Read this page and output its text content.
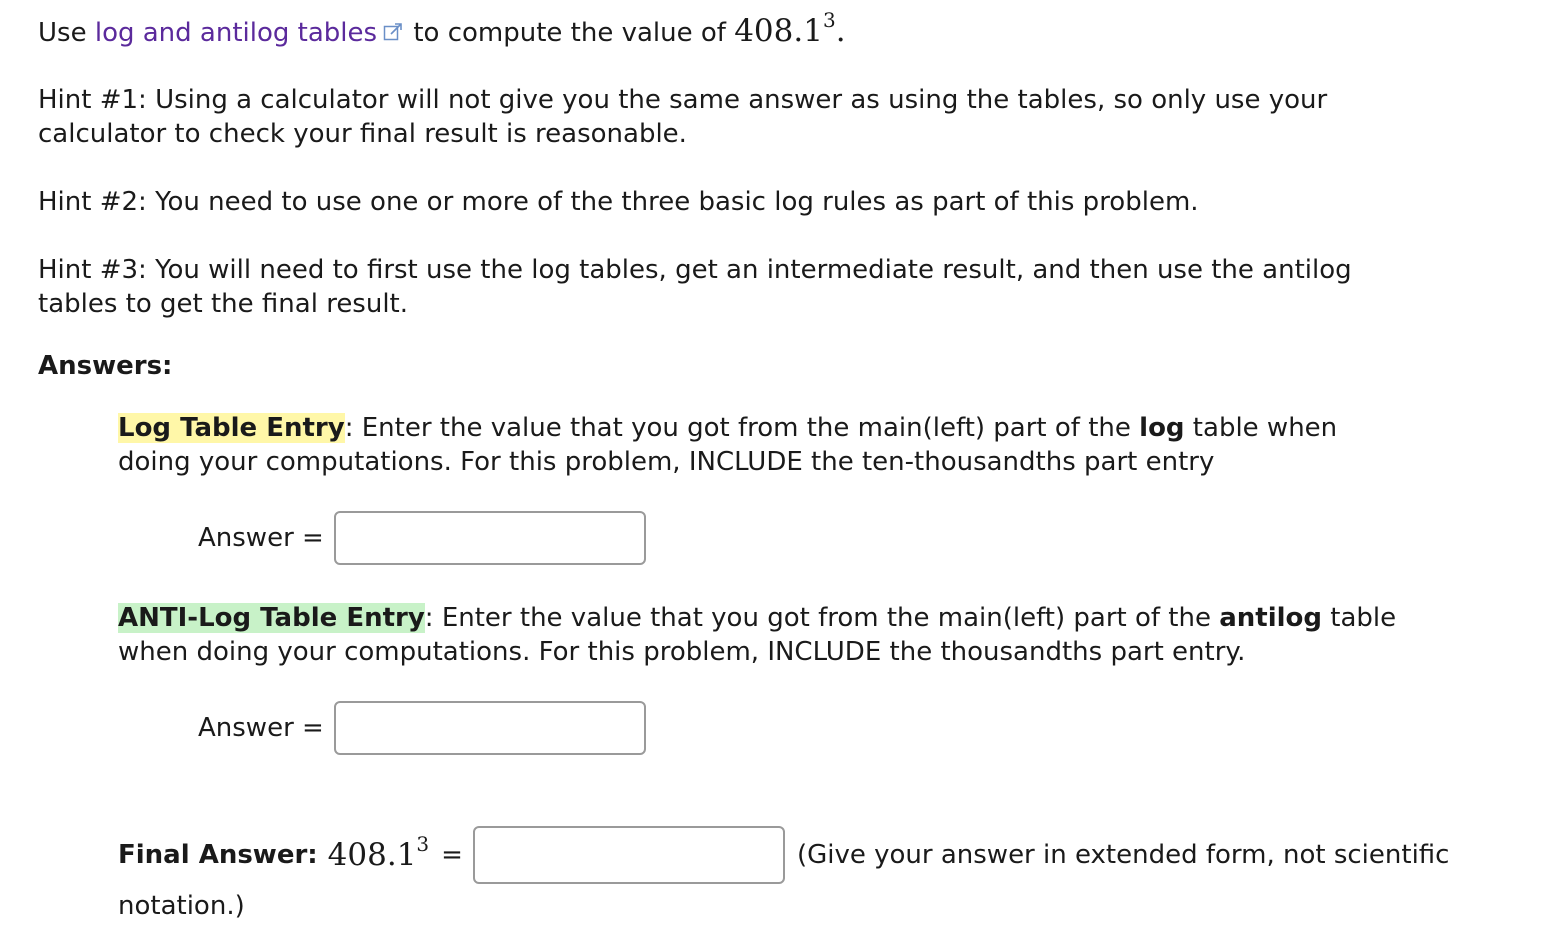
Use log and antilog tables to compute the value of 408.1$^3$.

Hint #1: Using a calculator will not give you the same answer as using the tables, so only use your calculator to check your final result is reasonable.

Hint #2: You need to use one or more of the three basic log rules as part of this problem.

Hint #3: You will need to first use the log tables, get an intermediate result, and then use the antilog tables to get the final result.

Answers:

Log Table Entry: Enter the value that you got from the main(left) part of the log table when doing your computations. For this problem, INCLUDE the ten-thousandths part entry

Answer =

ANTI-Log Table Entry: Enter the value that you got from the main(left) part of the antilog table when doing your computations. For this problem, INCLUDE the thousandths part entry.

Answer =
Final Answer: $408.1^3$ =	(Give your answer in extended form, not scientific
notation.)
